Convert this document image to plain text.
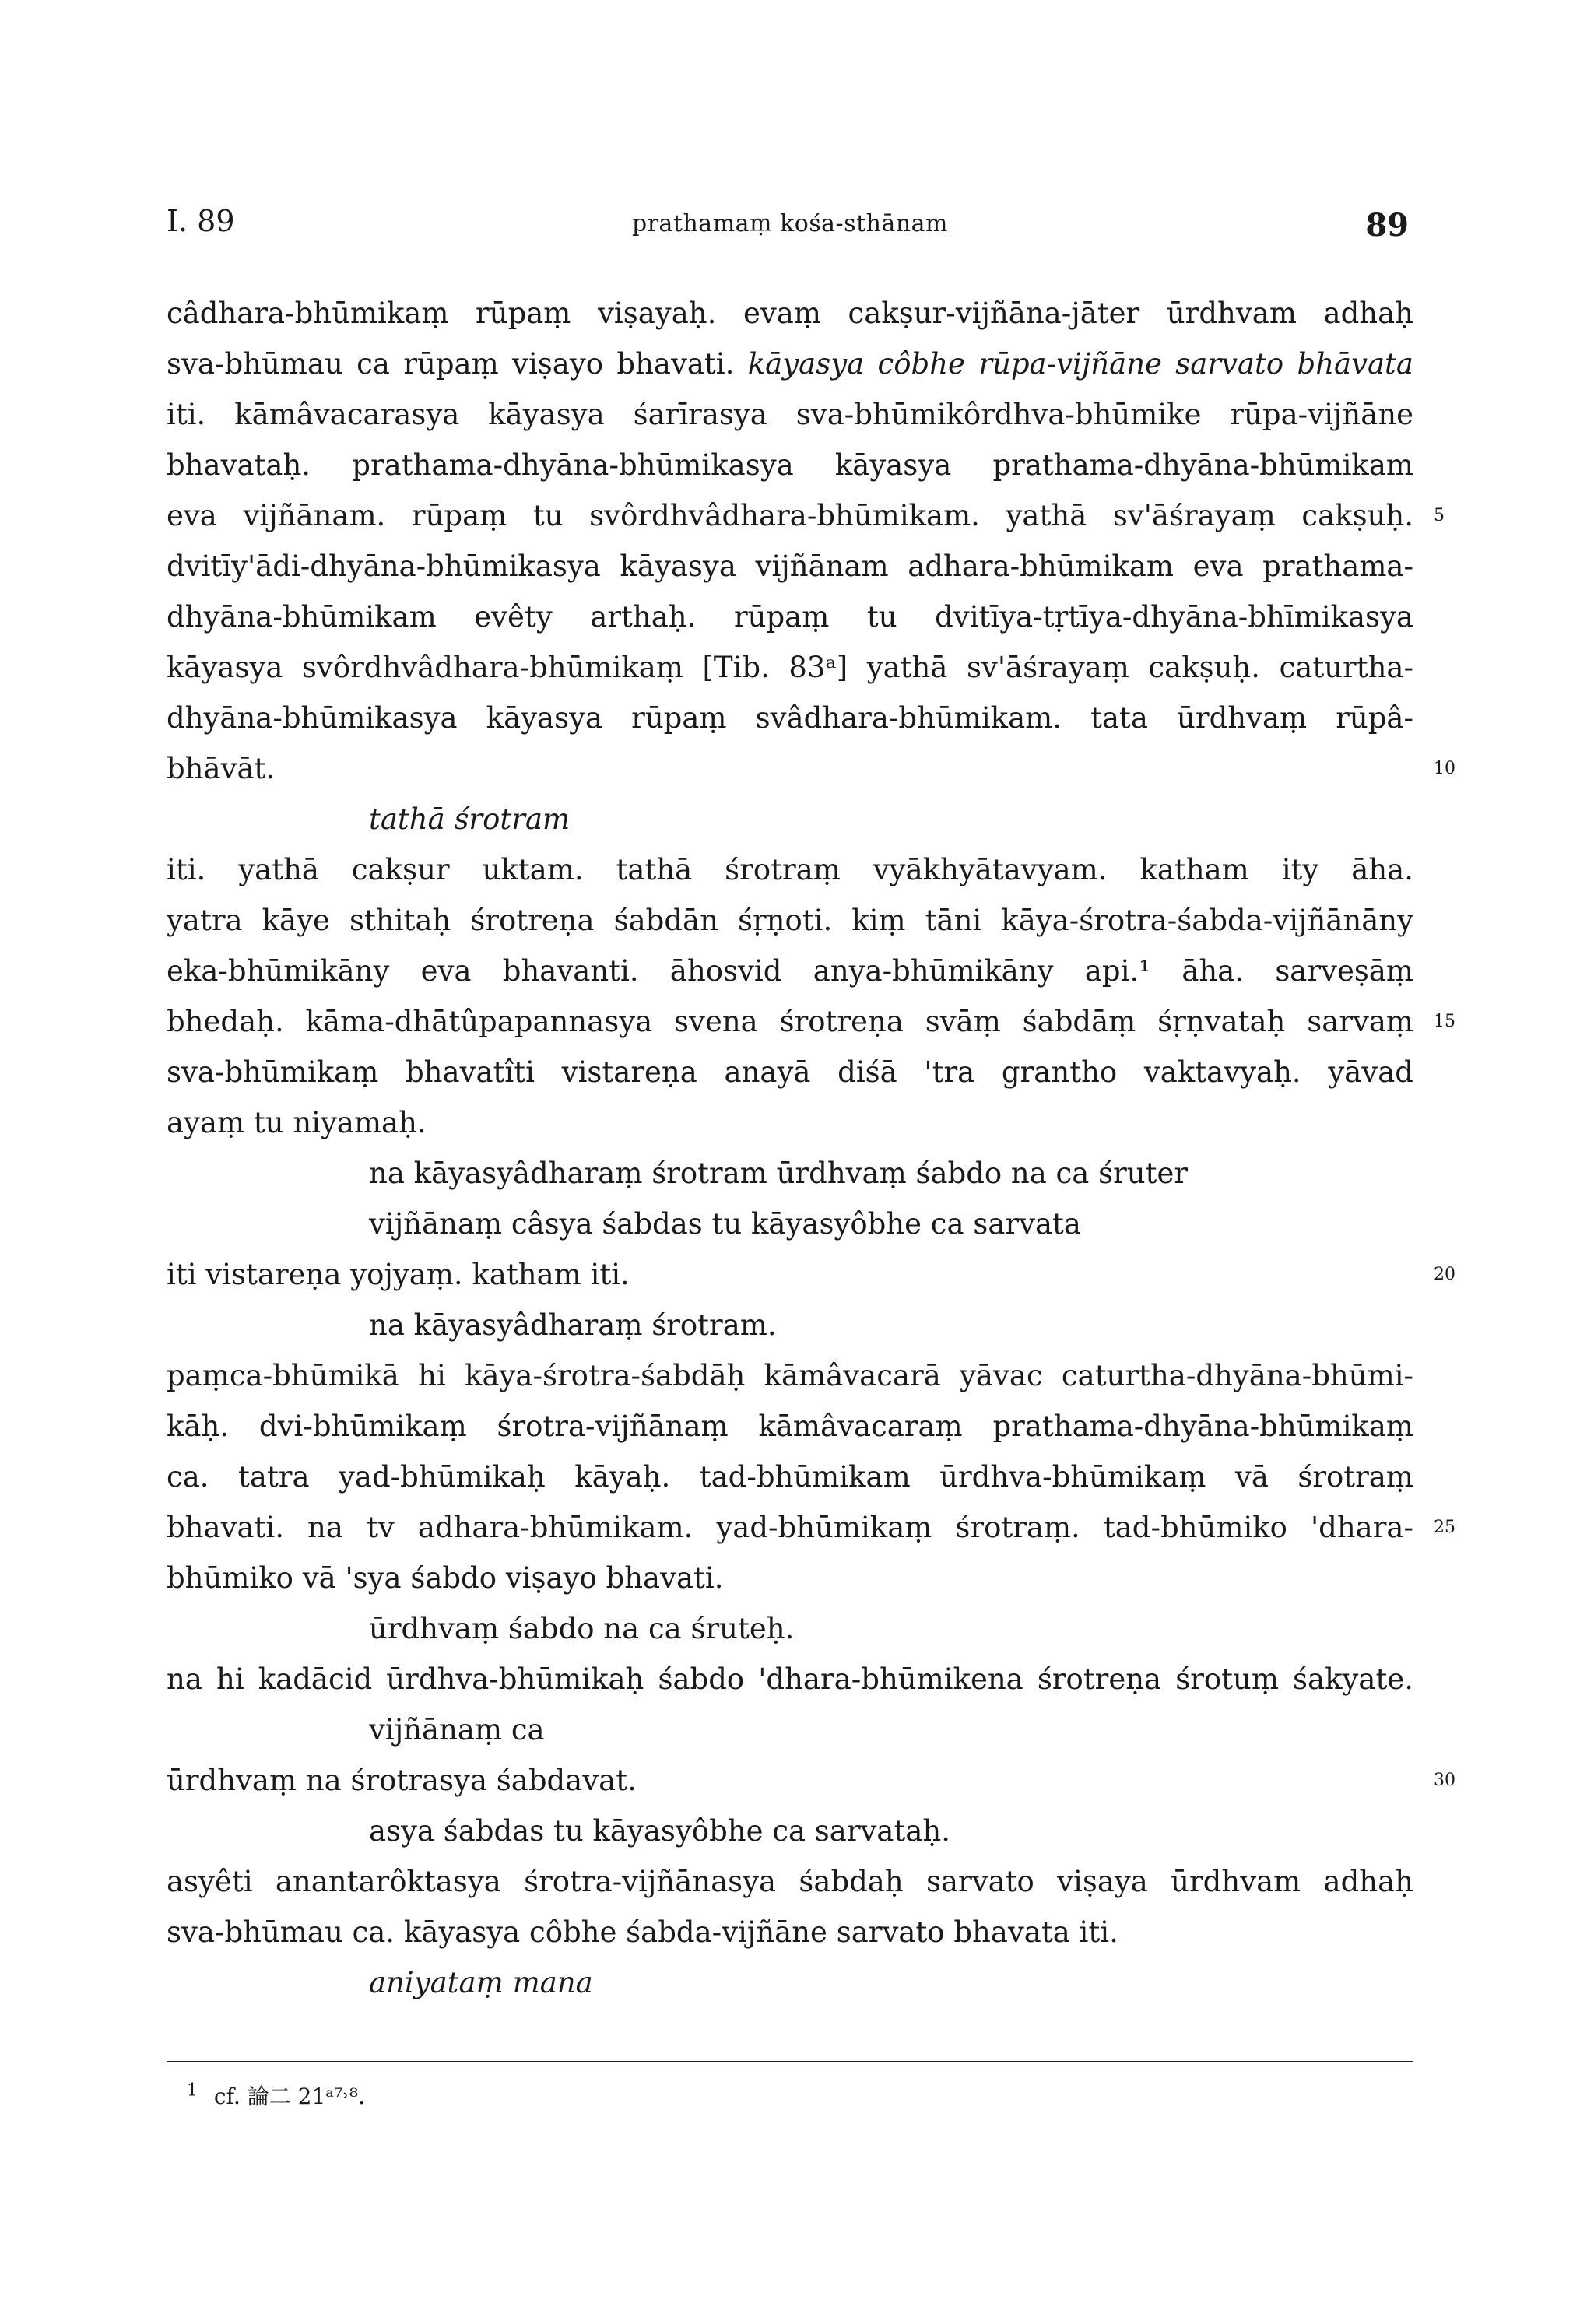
I. 89	prathamaṃ kośa-sthānam	89
câdhara-bhūmikaṃ rūpaṃ viṣayaḥ. evaṃ cakṣur-vijñāna-jāter ūrdhvam adhaḥ
sva-bhūmau ca rūpaṃ viṣayo bhavati. kāyasya côbhe rūpa-vijñāne sarvato bhāvata
iti. kāmâvacarasya kāyasya śarīrasya sva-bhūmikôrdhva-bhūmike rūpa-vijñāne
bhavataḥ. prathama-dhyāna-bhūmikasya kāyasya prathama-dhyāna-bhūmikam
eva vijñānam. rūpaṃ tu svôrdhvâdhara-bhūmikam. yathā sv'āśrayaṃ cakṣuḥ. 5
dvitīy'ādi-dhyāna-bhūmikasya kāyasya vijñānam adhara-bhūmikam eva prathama-
dhyāna-bhūmikam evêty arthaḥ. rūpaṃ tu dvitīya-tṛtīya-dhyāna-bhīmikasya
kāyasya svôrdhvâdhara-bhūmikaṃ [Tib. 83ᵃ] yathā sv'āśrayaṃ cakṣuḥ. caturtha-
dhyāna-bhūmikasya kāyasya rūpaṃ svâdhara-bhūmikam. tata ūrdhvaṃ rūpâ-
bhāvāt.	10
tathā śrotram
iti. yathā cakṣur uktam. tathā śrotraṃ vyākhyātavyam. katham ity āha.
yatra kāye sthitaḥ śrotreṇa śabdān śṛṇoti. kiṃ tāni kāya-śrotra-śabda-vijñānāny
eka-bhūmikāny eva bhavanti. āhosvid anya-bhūmikāny api.¹ āha. sarveṣāṃ
bhedaḥ. kāma-dhātûpapannasya svena śrotreṇa svāṃ śabdāṃ śṛṇvataḥ sarvaṃ 15
sva-bhūmikaṃ bhavatîti vistareṇa anayā diśā 'tra grantho vaktavyaḥ. yāvad
ayaṃ tu niyamaḥ.
na kāyasyâdharaṃ śrotram ūrdhvaṃ śabdo na ca śruter
vijñānaṃ câsya śabdas tu kāyasyôbhe ca sarvata
iti vistareṇa yojyaṃ. katham iti.	20
na kāyasyâdharaṃ śrotram.
paṃca-bhūmikā hi kāya-śrotra-śabdāḥ kāmâvacarā yāvac caturtha-dhyāna-bhūmi-
kāḥ. dvi-bhūmikaṃ śrotra-vijñānaṃ kāmâvacaraṃ prathama-dhyāna-bhūmikaṃ
ca. tatra yad-bhūmikaḥ kāyaḥ. tad-bhūmikam ūrdhva-bhūmikaṃ vā śrotraṃ
bhavati. na tv adhara-bhūmikam. yad-bhūmikaṃ śrotraṃ. tad-bhūmiko 'dhara- 25
bhūmiko vā 'sya śabdo viṣayo bhavati.
ūrdhvaṃ śabdo na ca śruteḥ.
na hi kadācid ūrdhva-bhūmikaḥ śabdo 'dhara-bhūmikena śrotreṇa śrotuṃ śakyate.
vijñānaṃ ca
ūrdhvaṃ na śrotrasya śabdavat.	30
asya śabdas tu kāyasyôbhe ca sarvataḥ.
asyêti anantarôktasya śrotra-vijñānasya śabdaḥ sarvato viṣaya ūrdhvam adhaḥ
sva-bhūmau ca. kāyasya côbhe śabda-vijñāne sarvato bhavata iti.
aniyataṃ mana
$^1$ cf. 論二 21ᵃ⁷˒⁸.
